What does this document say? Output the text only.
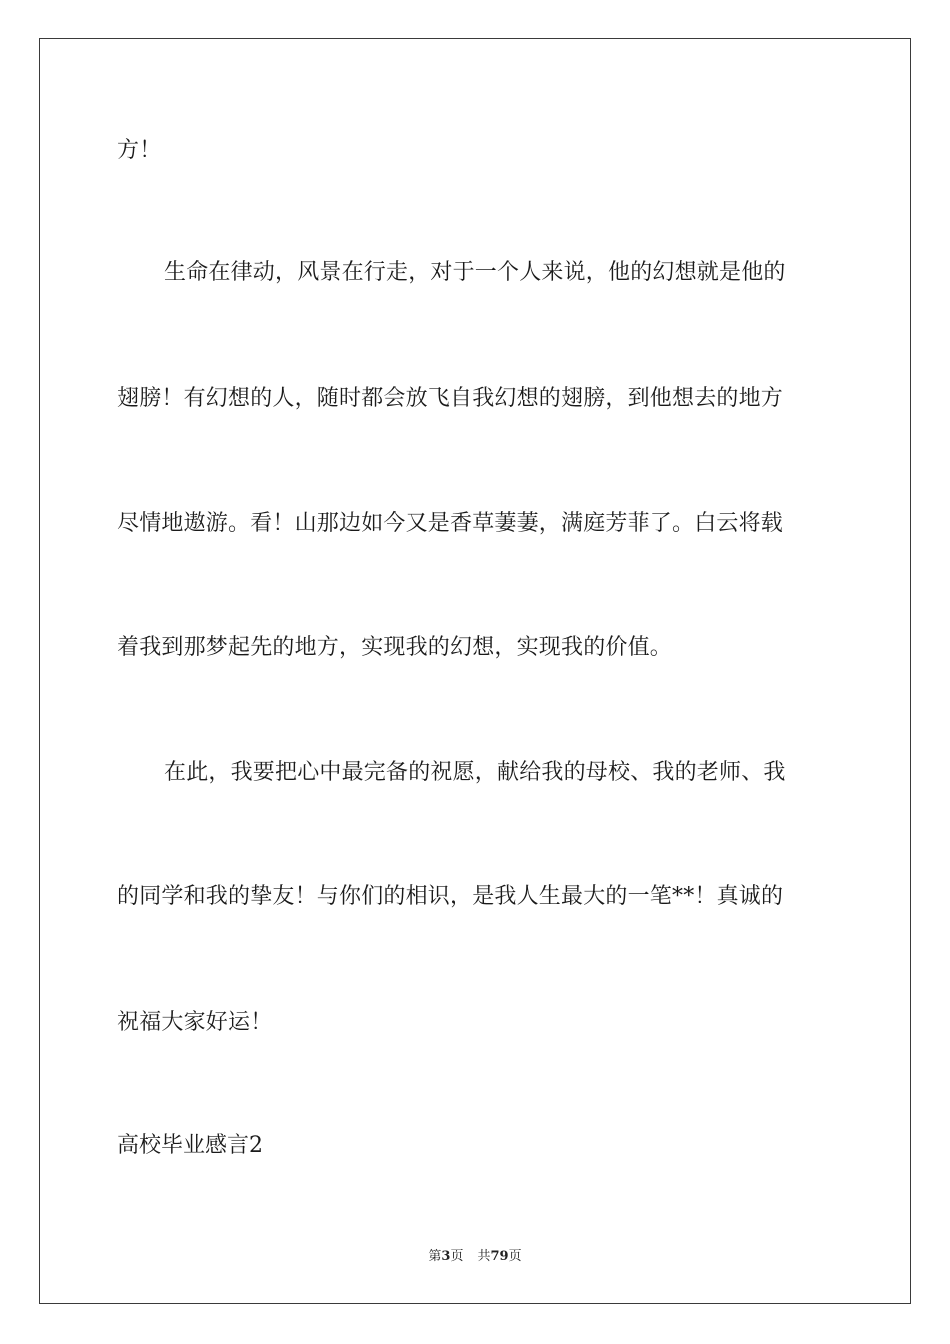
方！
生命在律动，风景在行走，对于一个人来说，他的幻想就是他的
翅膀！有幻想的人，随时都会放飞自我幻想的翅膀，到他想去的地方
尽情地遨游。看！山那边如今又是香草萋萋，满庭芳菲了。白云将载
着我到那梦起先的地方，实现我的幻想，实现我的价值。
在此，我要把心中最完备的祝愿，献给我的母校、我的老师、我
的同学和我的挚友！与你们的相识，是我人生最大的一笔**！真诚的
祝福大家好运！
高校毕业感言2
第3页 共79页
